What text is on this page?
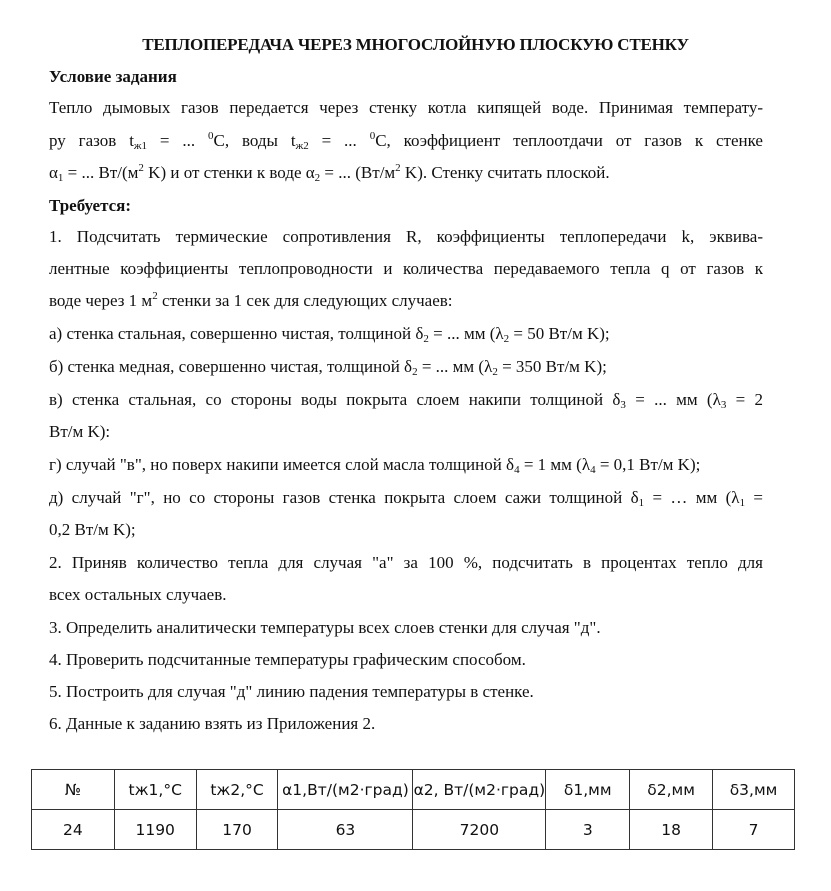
ТЕПЛОПЕРЕДАЧА ЧЕРЕЗ МНОГОСЛОЙНУЮ ПЛОСКУЮ СТЕНКУ
Условие задания
Тепло дымовых газов передается через стенку котла кипящей воде. Принимая температу-
ру газов $t_{ж1}$ = ... $^0$C, воды $t_{ж2}$ = ... $^0$C, коэффициент теплоотдачи от газов к стенке
$\alpha_1$ = ... $Вт/(м^2$ K) и от стенки к воде $\alpha_2$ = ... ($Вт/м^2$ K). Стенку считать плоской.
Требуется:
1. Подсчитать термические сопротивления R, коэффициенты теплопередачи k, эквива-
лентные коэффициенты теплопроводности и количества передаваемого тепла q от газов к
воде через 1 $м^2$ стенки за 1 сек для следующих случаев:
а) стенка стальная, совершенно чистая, толщиной $\delta_2$ = ... мм ($\lambda_2 = 50$ Вт/м K);
б) стенка медная, совершенно чистая, толщиной $\delta_2$ = ... мм ($\lambda_2 = 350$ Вт/м K);
в) стенка стальная, со стороны воды покрыта слоем накипи толщиной $\delta_3$ = ... мм ($\lambda_3 = 2$
Вт/м K):
г) случай "в", но поверх накипи имеется слой масла толщиной $\delta_4 = 1$ мм ($\lambda_4 = 0,1$ Вт/м K);
д) случай "г", но со стороны газов стенка покрыта слоем сажи толщиной $\delta_1$ = … мм ($\lambda_1$ =
0,2 Вт/м K);
2. Приняв количество тепла для случая "а" за 100 %, подсчитать в процентах тепло для
всех остальных случаев.
3. Определить аналитически температуры всех слоев стенки для случая "д".
4. Проверить подсчитанные температуры графическим способом.
5. Построить для случая "д" линию падения температуры в стенке.
6. Данные к заданию взять из Приложения 2.
№	tж1,°C	tж2,°C	α1,Вт/(м2·град)	α2, Вт/(м2·град)	δ1,мм	δ2,мм	δ3,мм
24	1190	170	63	7200	3	18	7
